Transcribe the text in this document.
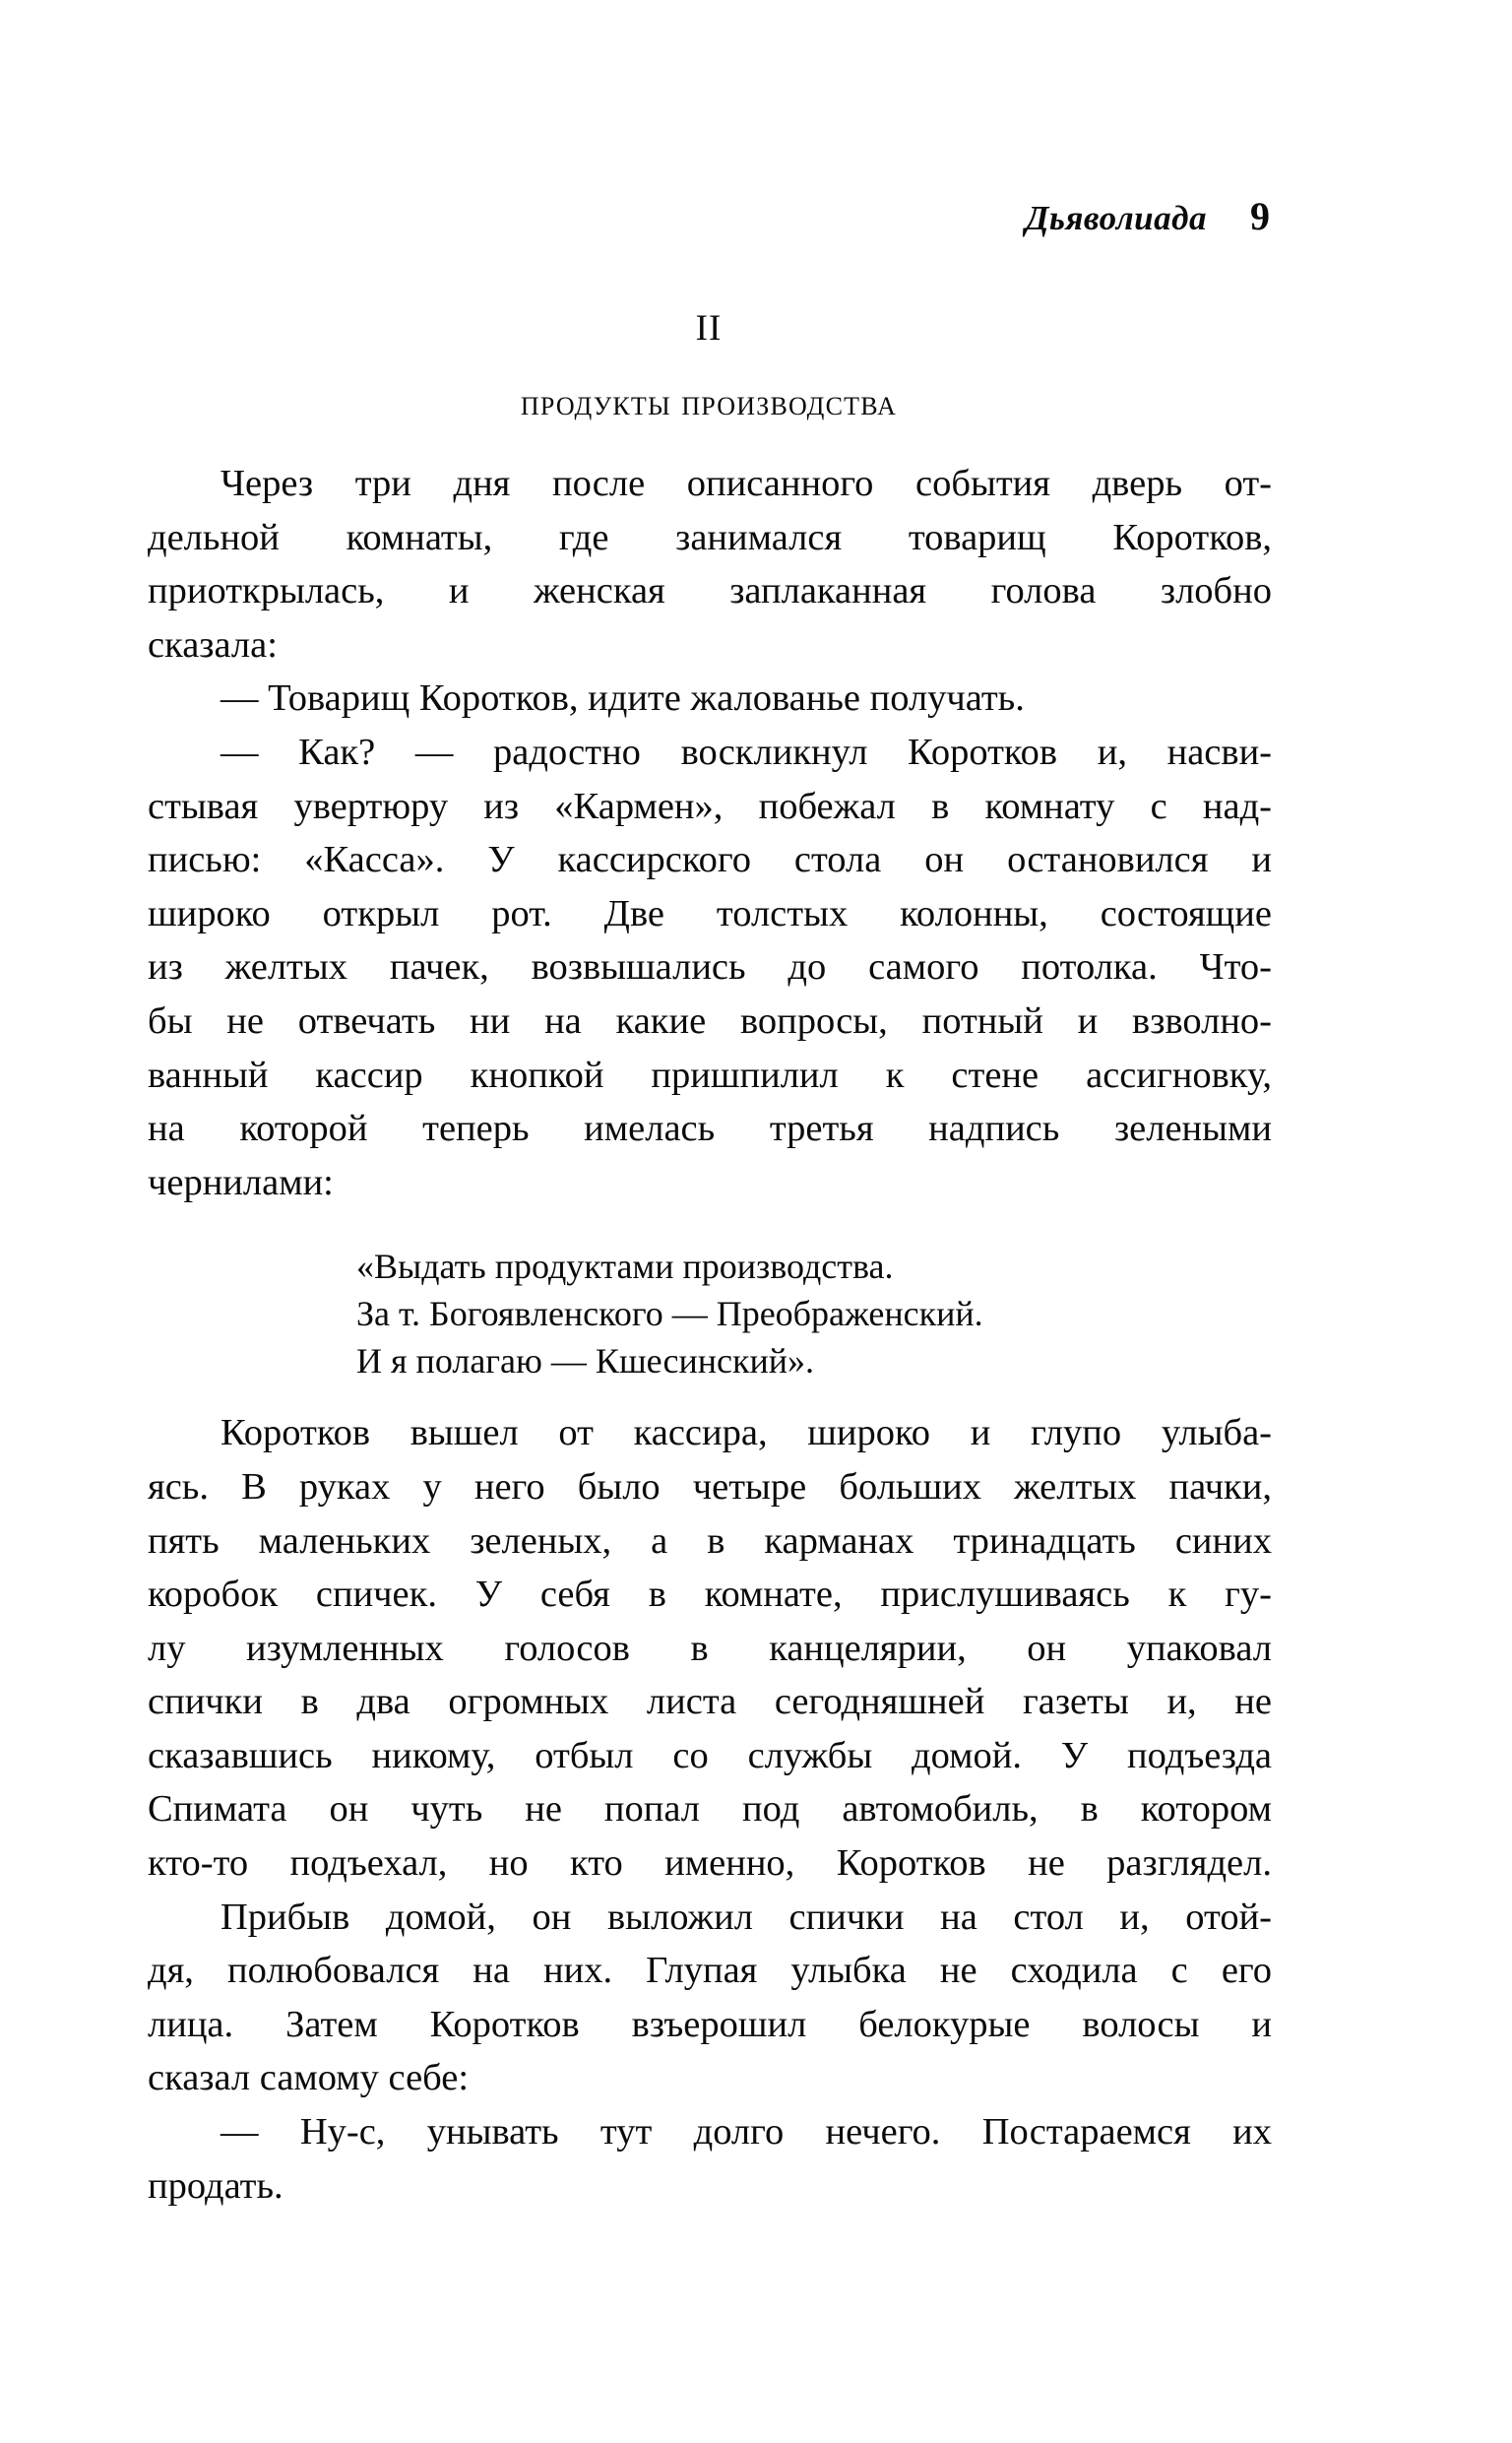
Дьяволиада 9
II
продукты производства
Через три дня после описанного события дверь от-
дельной комнаты, где занимался товарищ Коротков,
приоткрылась, и женская заплаканная голова злобно
сказала:
— Товарищ Коротков, идите жалованье получать.
— Как? — радостно воскликнул Коротков и, насви-
стывая увертюру из «Кармен», побежал в комнату с над-
писью: «Касса». У кассирского стола он остановился и
широко открыл рот. Две толстых колонны, состоящие
из желтых пачек, возвышались до самого потолка. Что-
бы не отвечать ни на какие вопросы, потный и взволно-
ванный кассир кнопкой пришпилил к стене ассигновку,
на которой теперь имелась третья надпись зелеными
чернилами:
«Выдать продуктами производства.
За т. Богоявленского — Преображенский.
И я полагаю — Кшесинский».
Коротков вышел от кассира, широко и глупо улыба-
ясь. В руках у него было четыре больших желтых пачки,
пять маленьких зеленых, а в карманах тринадцать синих
коробок спичек. У себя в комнате, прислушиваясь к гу-
лу изумленных голосов в канцелярии, он упаковал
спички в два огромных листа сегодняшней газеты и, не
сказавшись никому, отбыл со службы домой. У подъезда
Спимата он чуть не попал под автомобиль, в котором
кто-то подъехал, но кто именно, Коротков не разглядел.
Прибыв домой, он выложил спички на стол и, отой-
дя, полюбовался на них. Глупая улыбка не сходила с его
лица. Затем Коротков взъерошил белокурые волосы и
сказал самому себе:
— Ну-с, унывать тут долго нечего. Постараемся их
продать.
